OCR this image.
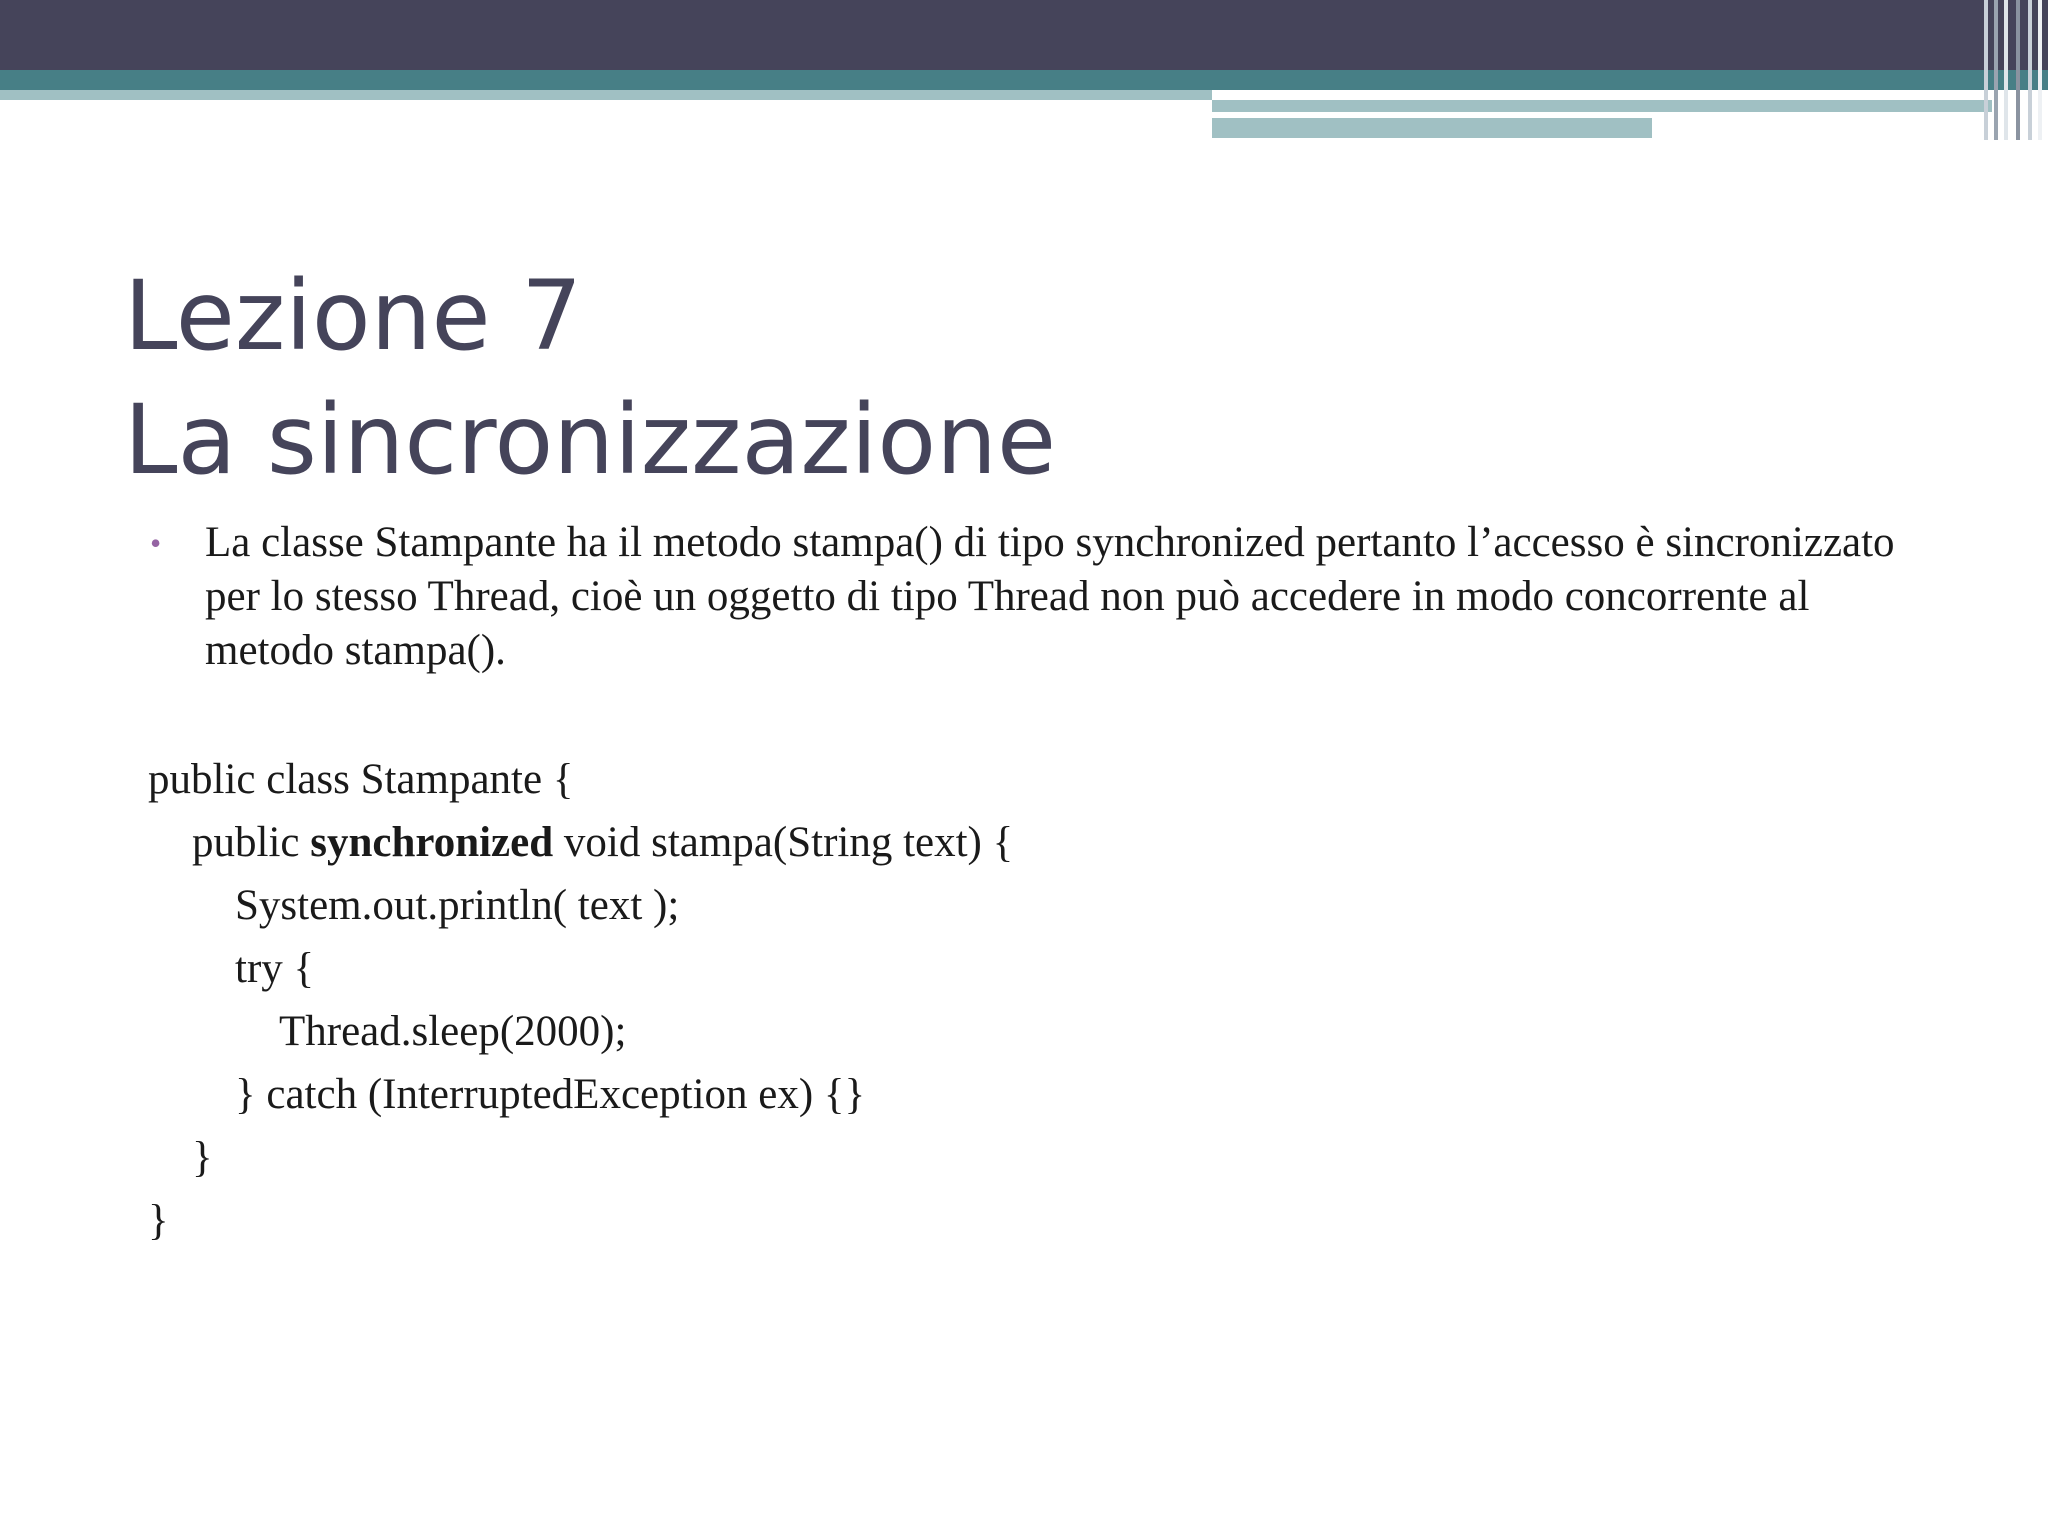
Lezione 7
La sincronizzazione
• La classe Stampante ha il metodo stampa() di tipo synchronized pertanto l’accesso è sincronizzato per lo stesso Thread, cioè un oggetto di tipo Thread non può accedere in modo concorrente al metodo stampa().
public class Stampante {
public synchronized void stampa(String text) {
System.out.println( text );
try {
Thread.sleep(2000);
} catch (InterruptedException ex) {}
}
}
